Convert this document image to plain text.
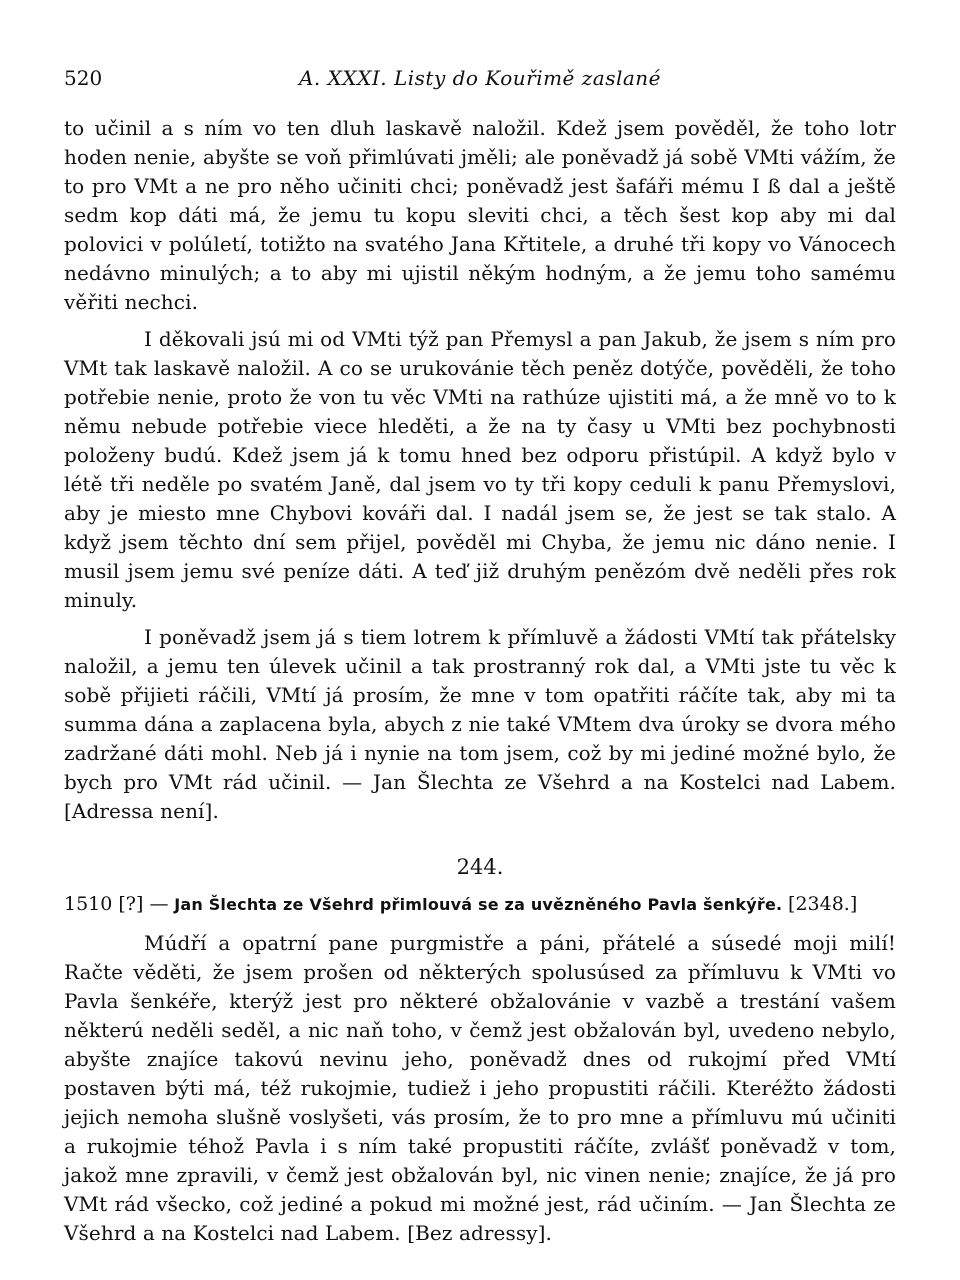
520	A. XXXI. Listy do Kouřimě zaslané

to učinil a s ním vo ten dluh laskavě naložil. Kdež jsem pověděl, že toho lotr hoden nenie, abyšte se voň přimlúvati jměli; ale poněvadž já sobě VMti vážím, že to pro VMt a ne pro něho učiniti chci; poněvadž jest šafáři mému I ß dal a ještě sedm kop dáti má, že jemu tu kopu sleviti chci, a těch šest kop aby mi dal polovici v polúletí, totižto na svatého Jana Křtitele, a druhé tři kopy vo Vánocech nedávno minulých; a to aby mi ujistil někým hodným, a že jemu toho samému věřiti nechci.

I děkovali jsú mi od VMti týž pan Přemysl a pan Jakub, že jsem s ním pro VMt tak laskavě naložil. A co se urukovánie těch peněz dotýče, pověděli, že toho potřebie nenie, proto že von tu věc VMti na rathúze ujistiti má, a že mně vo to k němu nebude potřebie viece hleděti, a že na ty časy u VMti bez pochybnosti položeny budú. Kdež jsem já k tomu hned bez odporu přistúpil. A když bylo v létě tři neděle po svatém Janě, dal jsem vo ty tři kopy ceduli k panu Přemyslovi, aby je miesto mne Chybovi kováři dal. I nadál jsem se, že jest se tak stalo. A když jsem těchto dní sem přijel, pověděl mi Chyba, že jemu nic dáno nenie. I musil jsem jemu své peníze dáti. A teď již druhým penězóm dvě neděli přes rok minuly.

I poněvadž jsem já s tiem lotrem k přímluvě a žádosti VMtí tak přátelsky naložil, a jemu ten úlevek učinil a tak prostranný rok dal, a VMti jste tu věc k sobě přijieti ráčili, VMtí já prosím, že mne v tom opatřiti ráčíte tak, aby mi ta summa dána a zaplacena byla, abych z nie také VMtem dva úroky se dvora mého zadržané dáti mohl. Neb já i nynie na tom jsem, což by mi jediné možné bylo, že bych pro VMt rád učinil. — Jan Šlechta ze Všehrd a na Kostelci nad Labem. [Adressa není].

244.
1510 [?] — Jan Šlechta ze Všehrd přimlouvá se za uvězněného Pavla šenkýře. [2348.]

Múdří a opatrní pane purgmistře a páni, přátelé a súsedé moji milí! Račte věděti, že jsem prošen od některých spolusúsed za přímluvu k VMti vo Pavla šenkéře, kterýž jest pro některé obžalovánie v vazbě a trestání vašem některú neděli seděl, a nic naň toho, v čemž jest obžalován byl, uvedeno nebylo, abyšte znajíce takovú nevinu jeho, poněvadž dnes od rukojmí před VMtí postaven býti má, též rukojmie, tudiež i jeho propustiti ráčili. Kteréžto žádosti jejich nemoha slušně voslyšeti, vás prosím, že to pro mne a přímluvu mú učiniti a rukojmie téhož Pavla i s ním také propustiti ráčíte, zvlášť poněvadž v tom, jakož mne zpravili, v čemž jest obžalován byl, nic vinen nenie; znajíce, že já pro VMt rád všecko, což jediné a pokud mi možné jest, rád učiním. — Jan Šlechta ze Všehrd a na Kostelci nad Labem. [Bez adressy].
